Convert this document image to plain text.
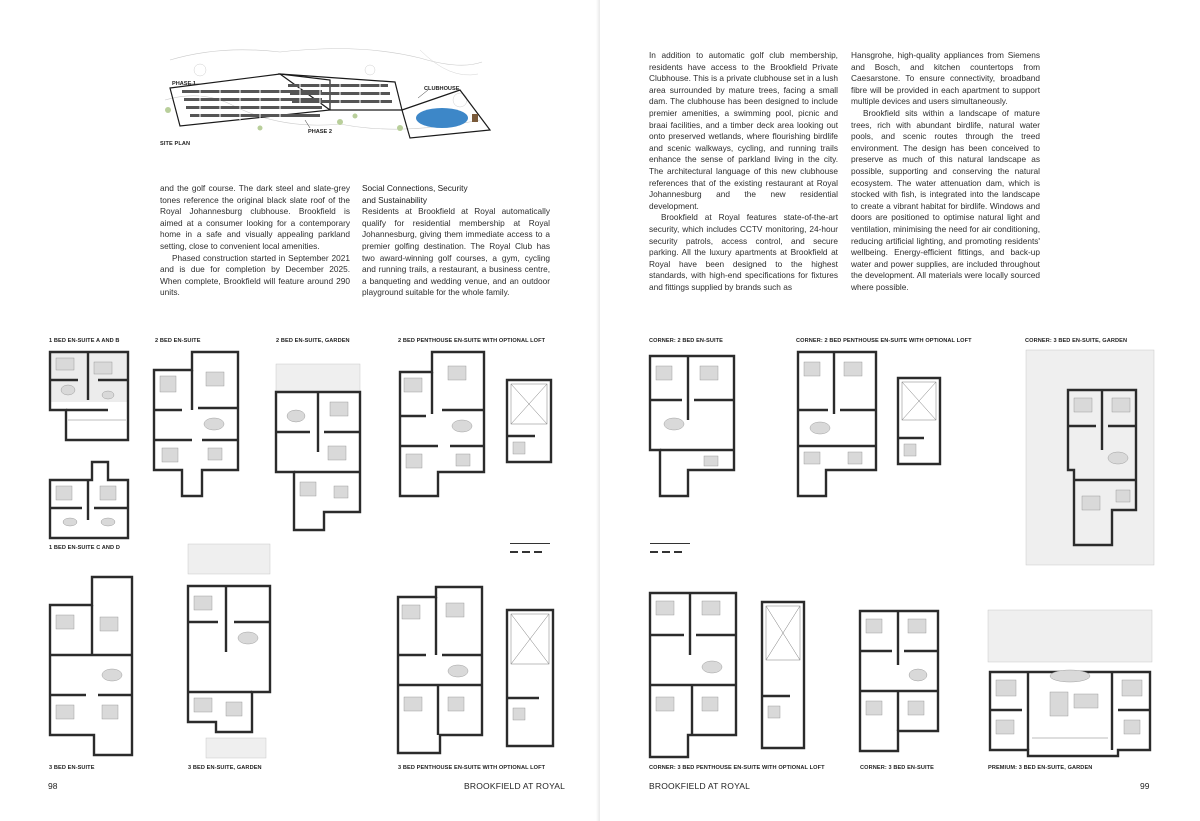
PHASE 1
PHASE 2
CLUBHOUSE
SITE PLAN

and the golf course. The dark steel and slate-grey tones reference the original black slate roof of the Royal Johannesburg clubhouse. Brookfield is aimed at a consumer looking for a contemporary home in a safe and visually appealing parkland setting, close to convenient local amenities.

Phased construction started in September 2021 and is due for completion by December 2025. When complete, Brookfield will feature around 290 units.

Social Connections, Security

and Sustainability

Residents at Brookfield at Royal automatically qualify for residential membership at Royal Johannesburg, giving them immediate access to a premier golfing destination. The Royal Club has two award-winning golf courses, a gym, cycling and running trails, a restaurant, a business centre, a banqueting and wedding venue, and an outdoor playground suitable for the whole family.

1 BED EN-SUITE A AND B	2 BED EN-SUITE	2 BED EN-SUITE, GARDEN	2 BED PENTHOUSE EN-SUITE WITH OPTIONAL LOFT
1 BED EN-SUITE C AND D
3 BED EN-SUITE	3 BED EN-SUITE, GARDEN	3 BED PENTHOUSE EN-SUITE WITH OPTIONAL LOFT
98	BROOKFIELD AT ROYAL

In addition to automatic golf club membership, residents have access to the Brookfield Private Clubhouse. This is a private clubhouse set in a lush area surrounded by mature trees, facing a small dam. The clubhouse has been designed to include premier amenities, a swimming pool, picnic and braai facilities, and a timber deck area looking out onto preserved wetlands, where flourishing birdlife and scenic walkways, cycling, and running trails enhance the sense of parkland living in the city. The architectural language of this new clubhouse references that of the existing restaurant at Royal Johannesburg and the new residential development.

Brookfield at Royal features state-of-the-art security, which includes CCTV monitoring, 24-hour security patrols, access control, and secure parking. All the luxury apartments at Brookfield at Royal have been designed to the highest standards, with high-end specifications for fixtures and fittings supplied by brands such as

Hansgrohe, high-quality appliances from Siemens and Bosch, and kitchen countertops from Caesarstone. To ensure connectivity, broadband fibre will be provided in each apartment to support multiple devices and users simultaneously.

Brookfield sits within a landscape of mature trees, rich with abundant birdlife, natural water pools, and scenic routes through the treed environment. The design has been conceived to preserve as much of this natural landscape as possible, supporting and conserving the natural ecosystem. The water attenuation dam, which is stocked with fish, is integrated into the landscape to create a vibrant habitat for birdlife. Windows and doors are positioned to optimise natural light and ventilation, minimising the need for air conditioning, reducing artificial lighting, and promoting residents' wellbeing. Energy-efficient fittings, and back-up water and power supplies, are included throughout the development. All materials were locally sourced where possible.

CORNER: 2 BED EN-SUITE	CORNER: 2 BED PENTHOUSE EN-SUITE WITH OPTIONAL LOFT	CORNER: 3 BED EN-SUITE, GARDEN
CORNER: 3 BED PENTHOUSE EN-SUITE WITH OPTIONAL LOFT	CORNER: 3 BED EN-SUITE	PREMIUM: 3 BED EN-SUITE, GARDEN
BROOKFIELD AT ROYAL	99
